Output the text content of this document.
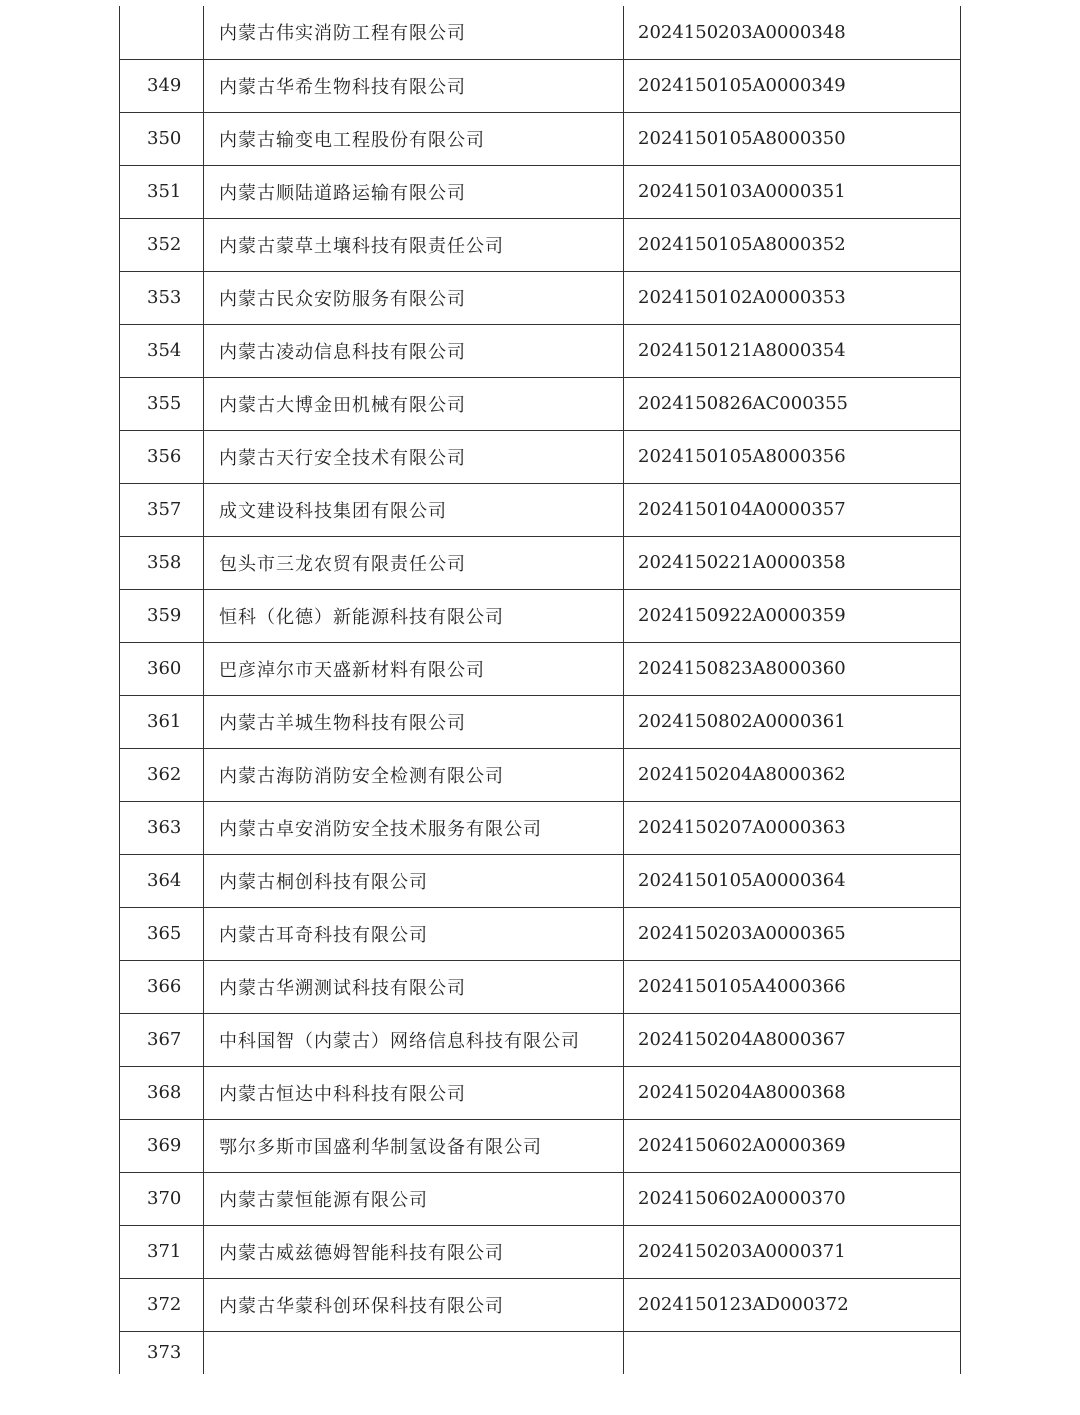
	内蒙古伟实消防工程有限公司	2024150203A0000348
349	内蒙古华希生物科技有限公司	2024150105A0000349
350	内蒙古输变电工程股份有限公司	2024150105A8000350
351	内蒙古顺陆道路运输有限公司	2024150103A0000351
352	内蒙古蒙草土壤科技有限责任公司	2024150105A8000352
353	内蒙古民众安防服务有限公司	2024150102A0000353
354	内蒙古凌动信息科技有限公司	2024150121A8000354
355	内蒙古大博金田机械有限公司	2024150826AC000355
356	内蒙古天行安全技术有限公司	2024150105A8000356
357	成文建设科技集团有限公司	2024150104A0000357
358	包头市三龙农贸有限责任公司	2024150221A0000358
359	恒科（化德）新能源科技有限公司	2024150922A0000359
360	巴彦淖尔市天盛新材料有限公司	2024150823A8000360
361	内蒙古羊城生物科技有限公司	2024150802A0000361
362	内蒙古海防消防安全检测有限公司	2024150204A8000362
363	内蒙古卓安消防安全技术服务有限公司	2024150207A0000363
364	内蒙古桐创科技有限公司	2024150105A0000364
365	内蒙古耳奇科技有限公司	2024150203A0000365
366	内蒙古华溯测试科技有限公司	2024150105A4000366
367	中科国智（内蒙古）网络信息科技有限公司	2024150204A8000367
368	内蒙古恒达中科科技有限公司	2024150204A8000368
369	鄂尔多斯市国盛利华制氢设备有限公司	2024150602A0000369
370	内蒙古蒙恒能源有限公司	2024150602A0000370
371	内蒙古威兹德姆智能科技有限公司	2024150203A0000371
372	内蒙古华蒙科创环保科技有限公司	2024150123AD000372
373		
